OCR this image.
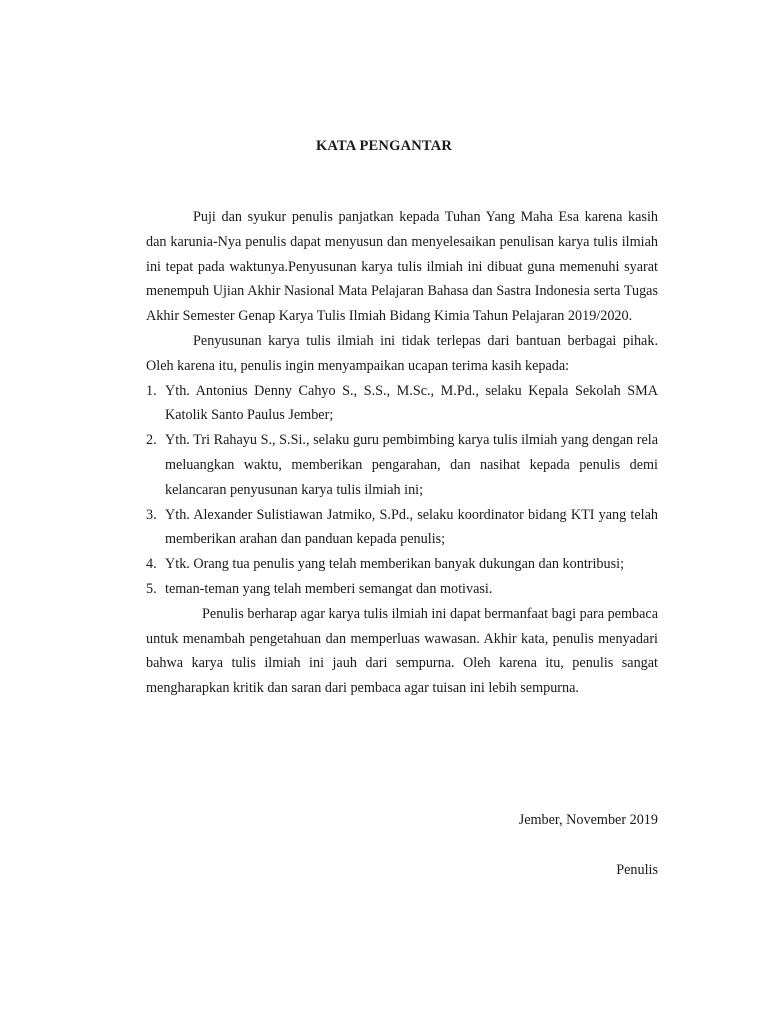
KATA PENGANTAR

Puji dan syukur penulis panjatkan kepada Tuhan Yang Maha Esa karena kasih dan karunia-Nya penulis dapat menyusun dan menyelesaikan penulisan karya tulis ilmiah ini tepat pada waktunya.Penyusunan karya tulis ilmiah ini dibuat guna memenuhi syarat menempuh Ujian Akhir Nasional Mata Pelajaran Bahasa dan Sastra Indonesia serta Tugas Akhir Semester Genap Karya Tulis Ilmiah Bidang Kimia Tahun Pelajaran 2019/2020.

Penyusunan karya tulis ilmiah ini tidak terlepas dari bantuan berbagai pihak. Oleh karena itu, penulis ingin menyampaikan ucapan terima kasih kepada:

1. Yth. Antonius Denny Cahyo S., S.S., M.Sc., M.Pd., selaku Kepala Sekolah SMA Katolik Santo Paulus Jember;
2. Yth. Tri Rahayu S., S.Si., selaku guru pembimbing karya tulis ilmiah yang dengan rela meluangkan waktu, memberikan pengarahan, dan nasihat kepada penulis demi kelancaran penyusunan karya tulis ilmiah ini;
3. Yth. Alexander Sulistiawan Jatmiko, S.Pd., selaku koordinator bidang KTI yang telah memberikan arahan dan panduan kepada penulis;
4. Ytk. Orang tua penulis yang telah memberikan banyak dukungan dan kontribusi;
5. teman-teman yang telah memberi semangat dan motivasi.

Penulis berharap agar karya tulis ilmiah ini dapat bermanfaat bagi para pembaca untuk menambah pengetahuan dan memperluas wawasan. Akhir kata, penulis menyadari bahwa karya tulis ilmiah ini jauh dari sempurna. Oleh karena itu, penulis sangat mengharapkan kritik dan saran dari pembaca agar tuisan ini lebih sempurna.

Jember, November 2019

Penulis
